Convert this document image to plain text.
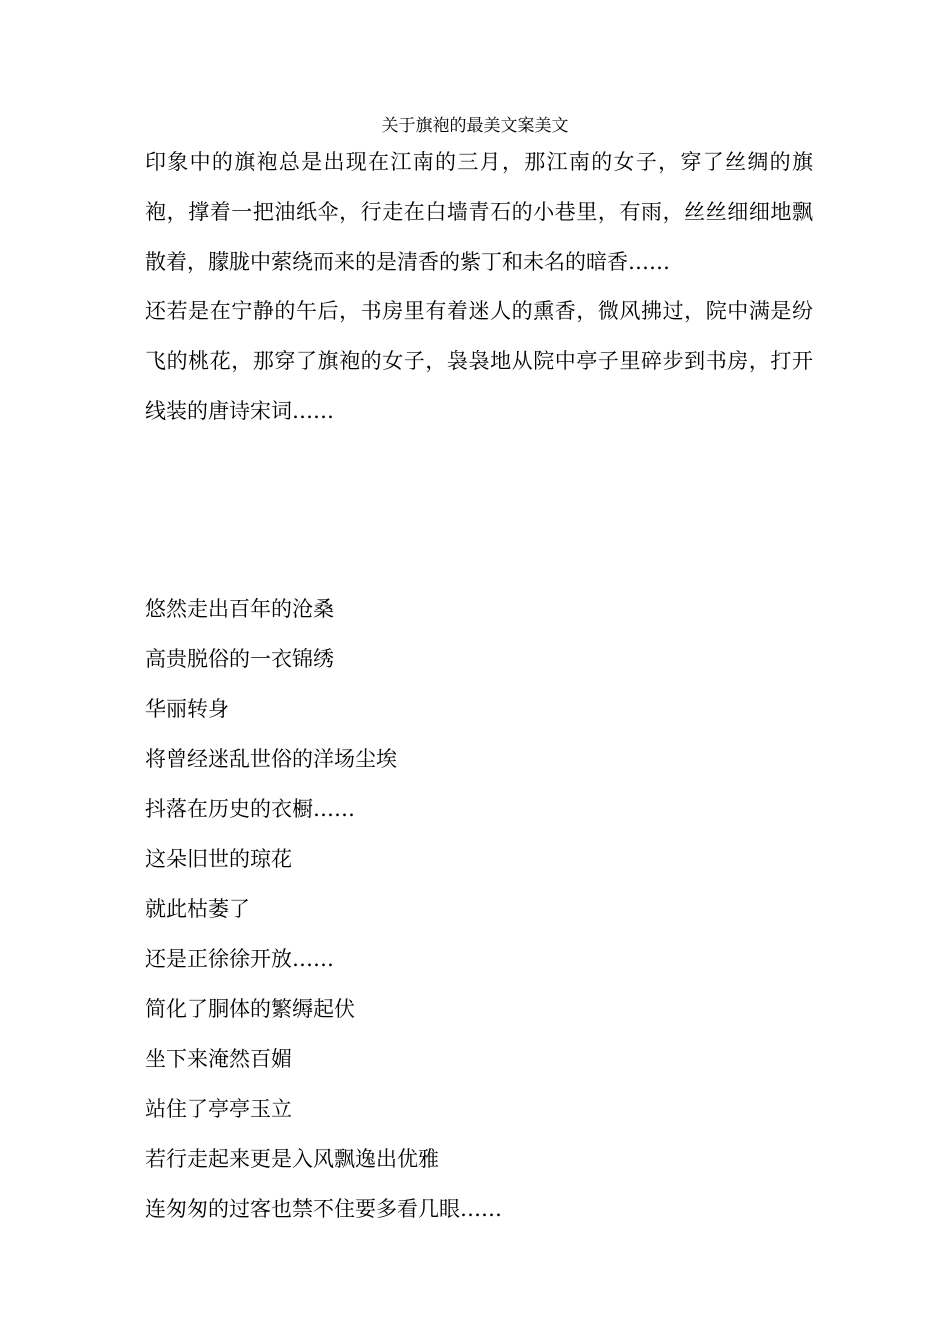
关于旗袍的最美文案美文

印象中的旗袍总是出现在江南的三月，那江南的女子，穿了丝绸的旗袍，撑着一把油纸伞，行走在白墙青石的小巷里，有雨，丝丝细细地飘散着，朦胧中萦绕而来的是清香的紫丁和未名的暗香……

还若是在宁静的午后，书房里有着迷人的熏香，微风拂过，院中满是纷飞的桃花，那穿了旗袍的女子，袅袅地从院中亭子里碎步到书房，打开线装的唐诗宋词……

悠然走出百年的沧桑
高贵脱俗的一衣锦绣
华丽转身
将曾经迷乱世俗的洋场尘埃
抖落在历史的衣橱……
这朵旧世的琼花
就此枯萎了
还是正徐徐开放……
简化了胴体的繁缛起伏
坐下来淹然百媚
站住了亭亭玉立
若行走起来更是入风飘逸出优雅
连匆匆的过客也禁不住要多看几眼……
